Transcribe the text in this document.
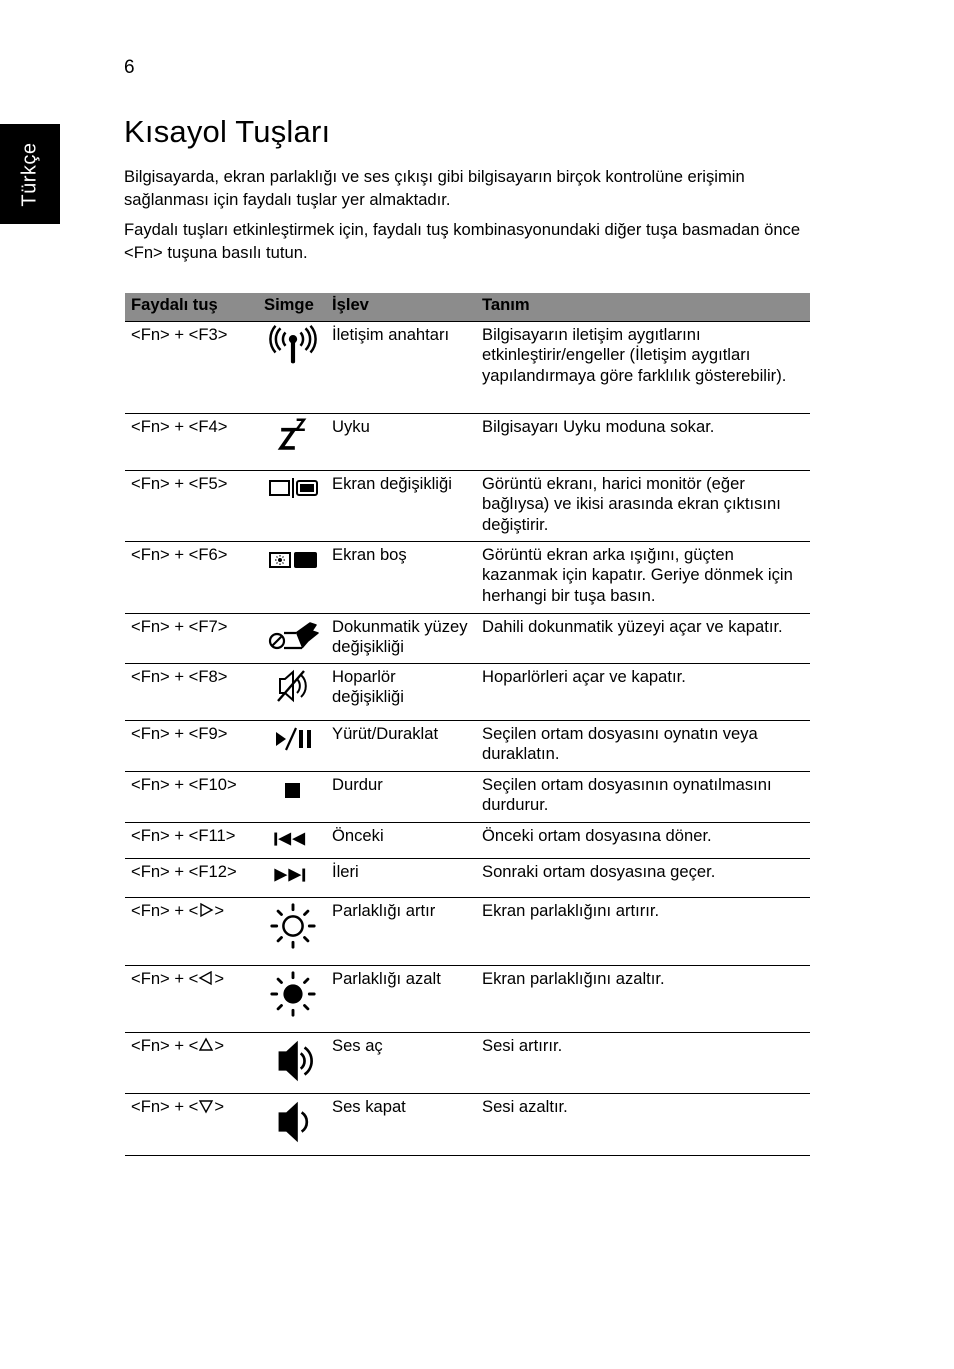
6
Türkçe
Kısayol Tuşları

Bilgisayarda, ekran parlaklığı ve ses çıkışı gibi bilgisayarın birçok kontrolüne erişimin sağlanması için faydalı tuşlar yer almaktadır.

Faydalı tuşları etkinleştirmek için, faydalı tuş kombinasyonundaki diğer tuşa basmadan önce <Fn> tuşuna basılı tutun.

Faydalı tuş	Simge	İşlev	Tanım
<Fn> + <F3>		İletişim anahtarı	Bilgisayarın iletişim aygıtlarını etkinleştirir/engeller (İletişim aygıtları yapılandırmaya göre farklılık gösterebilir).
<Fn> + <F4>		Uyku	Bilgisayarı Uyku moduna sokar.
<Fn> + <F5>		Ekran değişikliği	Görüntü ekranı, harici monitör (eğer bağlıysa) ve ikisi arasında ekran çıktısını değiştirir.
<Fn> + <F6>		Ekran boş	Görüntü ekran arka ışığını, güçten kazanmak için kapatır. Geriye dönmek için herhangi bir tuşa basın.
<Fn> + <F7>		Dokunmatik yüzey değişikliği	Dahili dokunmatik yüzeyi açar ve kapatır.
<Fn> + <F8>		Hoparlör değişikliği	Hoparlörleri açar ve kapatır.
<Fn> + <F9>		Yürüt/Duraklat	Seçilen ortam dosyasını oynatın veya duraklatın.
<Fn> + <F10>		Durdur	Seçilen ortam dosyasının oynatılmasını durdurur.
<Fn> + <F11>		Önceki	Önceki ortam dosyasına döner.
<Fn> + <F12>		İleri	Sonraki ortam dosyasına geçer.
<Fn> + < >		Parlaklığı artır	Ekran parlaklığını artırır.
<Fn> + < >		Parlaklığı azalt	Ekran parlaklığını azaltır.
<Fn> + < >		Ses aç	Sesi artırır.
<Fn> + < >		Ses kapat	Sesi azaltır.
